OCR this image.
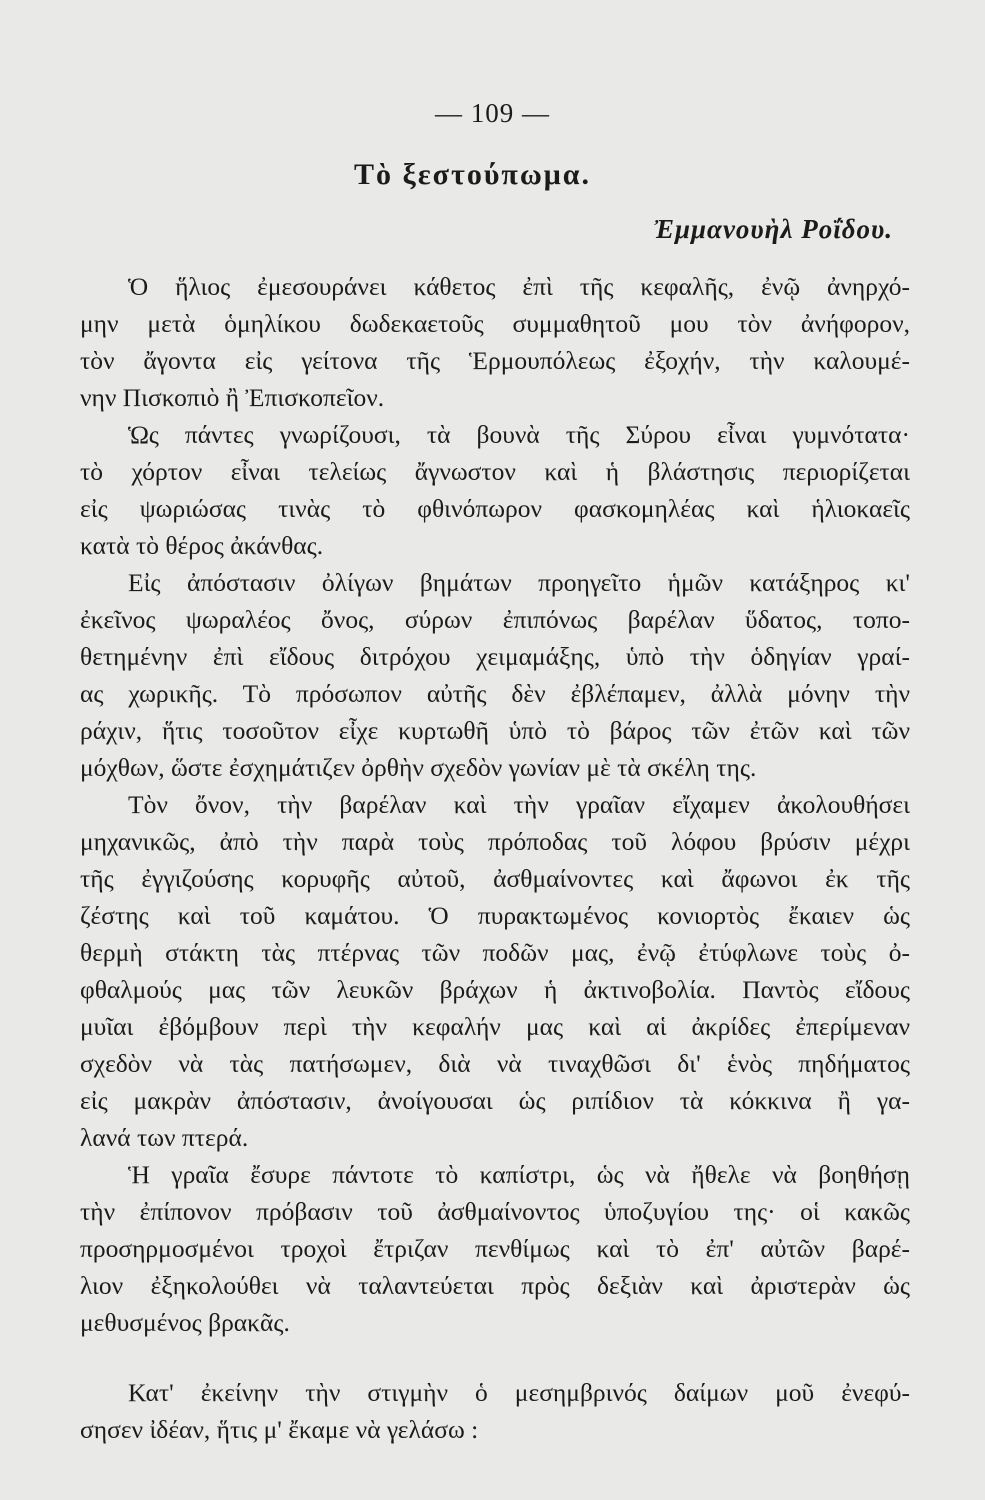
— 109 —
Τὸ ξεστούπωμα.
Ἐμμανουὴλ Ροΐδου.
Ὁ ἥλιος ἐμεσουράνει κάθετος ἐπὶ τῆς κεφαλῆς, ἐνῷ ἀνηρχό-
μην μετὰ ὁμηλίκου δωδεκαετοῦς συμμαθητοῦ μου τὸν ἀνήφορον,
τὸν ἄγοντα εἰς γείτονα τῆς Ἑρμουπόλεως ἐξοχήν, τὴν καλουμέ-
νην Πισκοπιὸ ἢ Ἐπισκοπεῖον.
Ὡς πάντες γνωρίζουσι, τὰ βουνὰ τῆς Σύρου εἶναι γυμνότατα·
τὸ χόρτον εἶναι τελείως ἄγνωστον καὶ ἡ βλάστησις περιορίζεται
εἰς ψωριώσας τινὰς τὸ φθινόπωρον φασκομηλέας καὶ ἡλιοκαεῖς
κατὰ τὸ θέρος ἀκάνθας.
Εἰς ἀπόστασιν ὀλίγων βημάτων προηγεῖτο ἡμῶν κατάξηρος κι'
ἐκεῖνος ψωραλέος ὄνος, σύρων ἐπιπόνως βαρέλαν ὕδατος, τοπο-
θετημένην ἐπὶ εἴδους διτρόχου χειμαμάξης, ὑπὸ τὴν ὁδηγίαν γραί-
ας χωρικῆς. Τὸ πρόσωπον αὐτῆς δὲν ἐβλέπαμεν, ἀλλὰ μόνην τὴν
ράχιν, ἥτις τοσοῦτον εἶχε κυρτωθῆ ὑπὸ τὸ βάρος τῶν ἐτῶν καὶ τῶν
μόχθων, ὥστε ἐσχημάτιζεν ὀρθὴν σχεδὸν γωνίαν μὲ τὰ σκέλη της.
Τὸν ὄνον, τὴν βαρέλαν καὶ τὴν γραῖαν εἴχαμεν ἀκολουθήσει
μηχανικῶς, ἀπὸ τὴν παρὰ τοὺς πρόποδας τοῦ λόφου βρύσιν μέχρι
τῆς ἐγγιζούσης κορυφῆς αὐτοῦ, ἀσθμαίνοντες καὶ ἄφωνοι ἐκ τῆς
ζέστης καὶ τοῦ καμάτου. Ὁ πυρακτωμένος κονιορτὸς ἔκαιεν ὡς
θερμὴ στάκτη τὰς πτέρνας τῶν ποδῶν μας, ἐνῷ ἐτύφλωνε τοὺς ὀ-
φθαλμούς μας τῶν λευκῶν βράχων ἡ ἀκτινοβολία. Παντὸς εἴδους
μυῖαι ἐβόμβουν περὶ τὴν κεφαλήν μας καὶ αἱ ἀκρίδες ἐπερίμεναν
σχεδὸν νὰ τὰς πατήσωμεν, διὰ νὰ τιναχθῶσι δι' ἑνὸς πηδήματος
εἰς μακρὰν ἀπόστασιν, ἀνοίγουσαι ὡς ριπίδιον τὰ κόκκινα ἢ γα-
λανά των πτερά.
Ἡ γραῖα ἔσυρε πάντοτε τὸ καπίστρι, ὡς νὰ ἤθελε νὰ βοηθήσῃ
τὴν ἐπίπονον πρόβασιν τοῦ ἀσθμαίνοντος ὑποζυγίου της· οἱ κακῶς
προσηρμοσμένοι τροχοὶ ἔτριζαν πενθίμως καὶ τὸ ἐπ' αὐτῶν βαρέ-
λιον ἐξηκολούθει νὰ ταλαντεύεται πρὸς δεξιὰν καὶ ἀριστερὰν ὡς
μεθυσμένος βρακᾶς.
Κατ' ἐκείνην τὴν στιγμὴν ὁ μεσημβρινός δαίμων μοῦ ἐνεφύ-
σησεν ἰδέαν, ἥτις μ' ἔκαμε νὰ γελάσω :
